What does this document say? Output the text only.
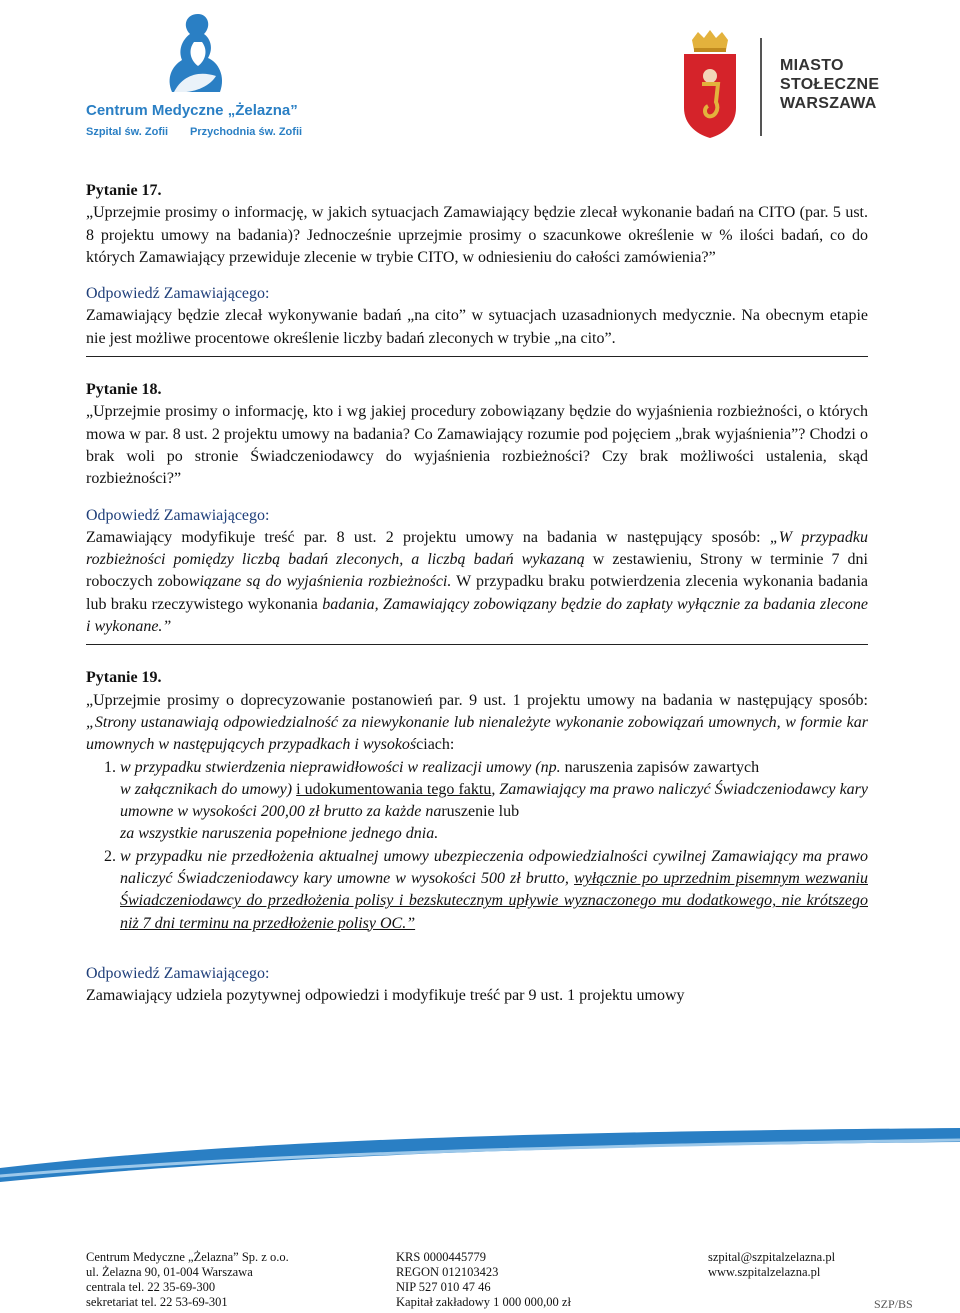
Centrum Medyczne „Żelazna”
Szpital św. Zofii Przychodnia św. Zofii
MIASTO
STOŁECZNE
WARSZAWA

Pytanie 17.

„Uprzejmie prosimy o informację, w jakich sytuacjach Zamawiający będzie zlecał wykonanie badań na CITO (par. 5 ust. 8 projektu umowy na badania)? Jednocześnie uprzejmie prosimy o szacunkowe określenie w % ilości badań, co do których Zamawiający przewiduje zlecenie w trybie CITO, w odniesieniu do całości zamówienia?”

Odpowiedź Zamawiającego:

Zamawiający będzie zlecał wykonywanie badań „na cito” w sytuacjach uzasadnionych medycznie. Na obecnym etapie nie jest możliwe procentowe określenie liczby badań zleconych w trybie „na cito”.

Pytanie 18.

„Uprzejmie prosimy o informację, kto i wg jakiej procedury zobowiązany będzie do wyjaśnienia rozbieżności, o których mowa w par. 8 ust. 2 projektu umowy na badania? Co Zamawiający rozumie pod pojęciem „brak wyjaśnienia”? Chodzi o brak woli po stronie Świadczeniodawcy do wyjaśnienia rozbieżności? Czy brak możliwości ustalenia, skąd rozbieżności?”

Odpowiedź Zamawiającego:

Zamawiający modyfikuje treść par. 8 ust. 2 projektu umowy na badania w następujący sposób: „W przypadku rozbieżności pomiędzy liczbą badań zleconych, a liczbą badań wykazaną w zestawieniu, Strony w terminie 7 dni roboczych zobowiązane są do wyjaśnienia rozbieżności. W przypadku braku potwierdzenia zlecenia wykonania badania lub braku rzeczywistego wykonania badania, Zamawiający zobowiązany będzie do zapłaty wyłącznie za badania zlecone i wykonane.”

Pytanie 19.

„Uprzejmie prosimy o doprecyzowanie postanowień par. 9 ust. 1 projektu umowy na badania w następujący sposób: „Strony ustanawiają odpowiedzialność za niewykonanie lub nienależyte wykonanie zobowiązań umownych, w formie kar umownych w następujących przypadkach i wysokościach:

1. w przypadku stwierdzenia nieprawidłowości w realizacji umowy (np. naruszenia zapisów zawartych
w załącznikach do umowy) i udokumentowania tego faktu, Zamawiający ma prawo naliczyć Świadczeniodawcy kary umowne w wysokości 200,00 zł brutto za każde naruszenie lub
za wszystkie naruszenia popełnione jednego dnia.
2. w przypadku nie przedłożenia aktualnej umowy ubezpieczenia odpowiedzialności cywilnej Zamawiający ma prawo naliczyć Świadczeniodawcy kary umowne w wysokości 500 zł brutto, wyłącznie po uprzednim pisemnym wezwaniu Świadczeniodawcy do przedłożenia polisy i bezskutecznym upływie wyznaczonego mu dodatkowego, nie krótszego niż 7 dni terminu na przedłożenie polisy OC.”

Odpowiedź Zamawiającego:

Zamawiający udziela pozytywnej odpowiedzi i modyfikuje treść par 9 ust. 1 projektu umowy

Centrum Medyczne „Żelazna” Sp. z o.o.
ul. Żelazna 90, 01-004 Warszawa
centrala tel. 22 35-69-300
sekretariat tel. 22 53-69-301
KRS 0000445779
REGON 012103423
NIP 527 010 47 46
Kapitał zakładowy 1 000 000,00 zł
szpital@szpitalzelazna.pl
www.szpitalzelazna.pl
SZP/BS
